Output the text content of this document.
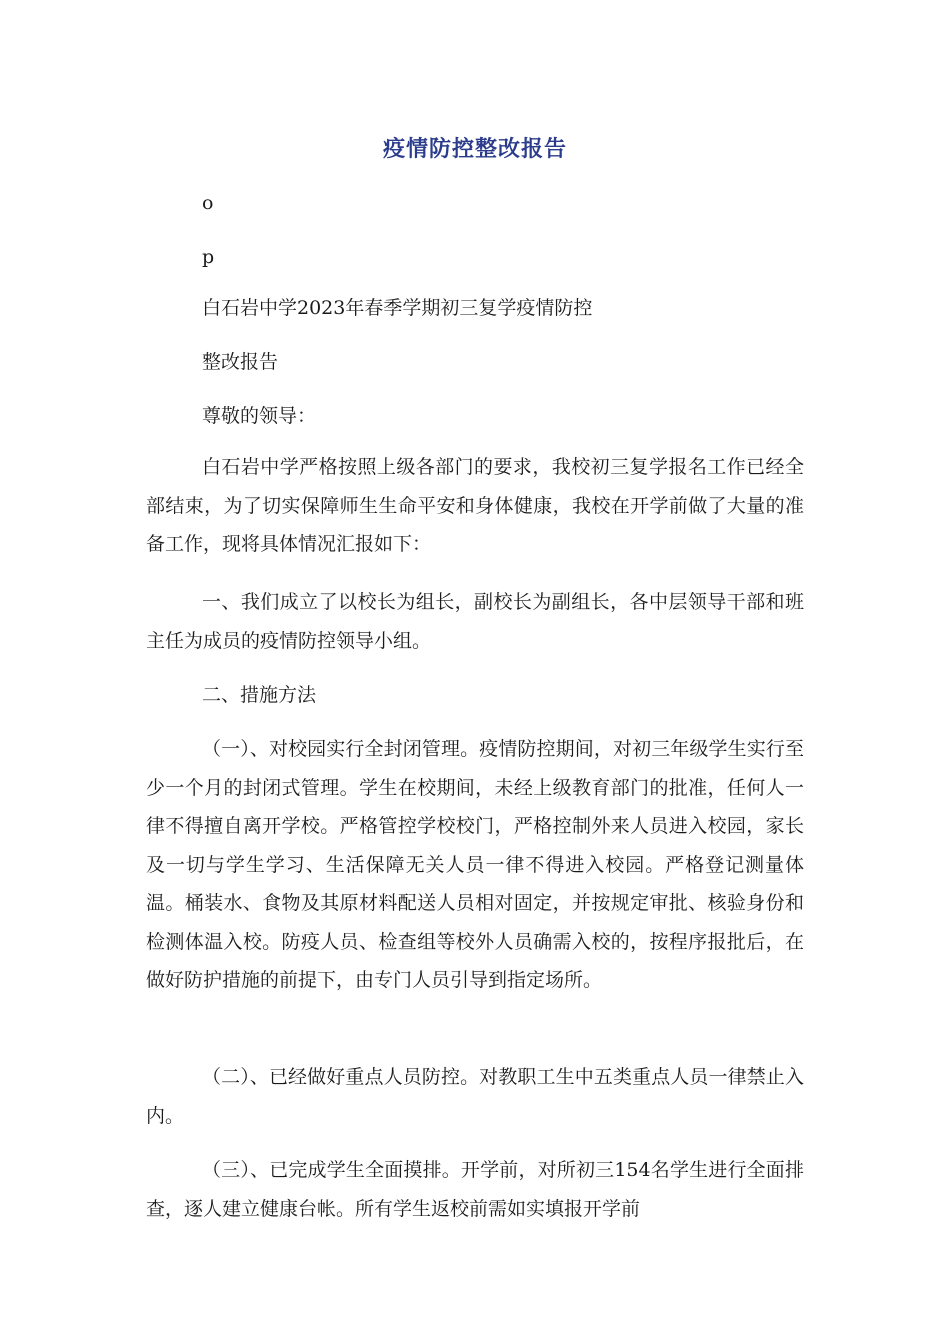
疫情防控整改报告
o
p
白石岩中学2023年春季学期初三复学疫情防控
整改报告
尊敬的领导：

白石岩中学严格按照上级各部门的要求，我校初三复学报名工作已经全部结束，为了切实保障师生生命平安和身体健康，我校在开学前做了大量的准备工作，现将具体情况汇报如下：

一、我们成立了以校长为组长，副校长为副组长，各中层领导干部和班主任为成员的疫情防控领导小组。

二、措施方法

（一）、对校园实行全封闭管理。疫情防控期间，对初三年级学生实行至少一个月的封闭式管理。学生在校期间，未经上级教育部门的批准，任何人一律不得擅自离开学校。严格管控学校校门，严格控制外来人员进入校园，家长及一切与学生学习、生活保障无关人员一律不得进入校园。严格登记测量体温。桶装水、食物及其原材料配送人员相对固定，并按规定审批、核验身份和检测体温入校。防疫人员、检查组等校外人员确需入校的，按程序报批后，在做好防护措施的前提下，由专门人员引导到指定场所。

（二）、已经做好重点人员防控。对教职工生中五类重点人员一律禁止入内。

（三）、已完成学生全面摸排。开学前，对所初三154名学生进行全面排查，逐人建立健康台帐。所有学生返校前需如实填报开学前
